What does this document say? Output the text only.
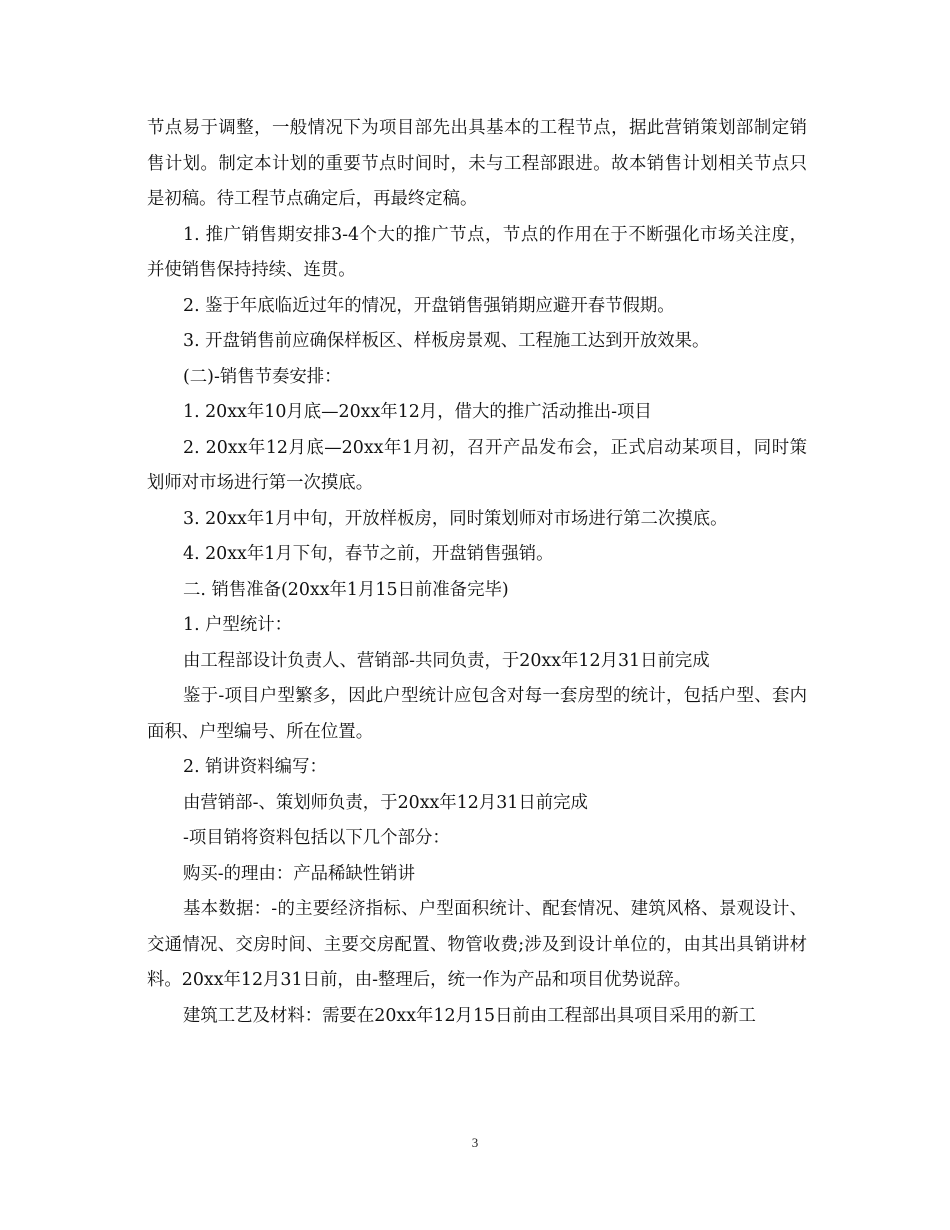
节点易于调整，一般情况下为项目部先出具基本的工程节点，据此营销策划部制定销售计划。制定本计划的重要节点时间时，未与工程部跟进。故本销售计划相关节点只是初稿。待工程节点确定后，再最终定稿。

1. 推广销售期安排3-4个大的推广节点，节点的作用在于不断强化市场关注度，并使销售保持持续、连贯。

2. 鉴于年底临近过年的情况，开盘销售强销期应避开春节假期。

3. 开盘销售前应确保样板区、样板房景观、工程施工达到开放效果。

(二)-销售节奏安排：

1. 20xx年10月底—20xx年12月，借大的推广活动推出-项目

2. 20xx年12月底—20xx年1月初，召开产品发布会，正式启动某项目，同时策划师对市场进行第一次摸底。

3. 20xx年1月中旬，开放样板房，同时策划师对市场进行第二次摸底。

4. 20xx年1月下旬，春节之前，开盘销售强销。

二. 销售准备(20xx年1月15日前准备完毕)

1. 户型统计：

由工程部设计负责人、营销部-共同负责，于20xx年12月31日前完成

鉴于-项目户型繁多，因此户型统计应包含对每一套房型的统计，包括户型、套内面积、户型编号、所在位置。

2. 销讲资料编写：

由营销部-、策划师负责，于20xx年12月31日前完成

-项目销将资料包括以下几个部分：

购买-的理由：产品稀缺性销讲

基本数据：-的主要经济指标、户型面积统计、配套情况、建筑风格、景观设计、交通情况、交房时间、主要交房配置、物管收费;涉及到设计单位的，由其出具销讲材料。20xx年12月31日前，由-整理后，统一作为产品和项目优势说辞。

建筑工艺及材料：需要在20xx年12月15日前由工程部出具项目采用的新工

3
